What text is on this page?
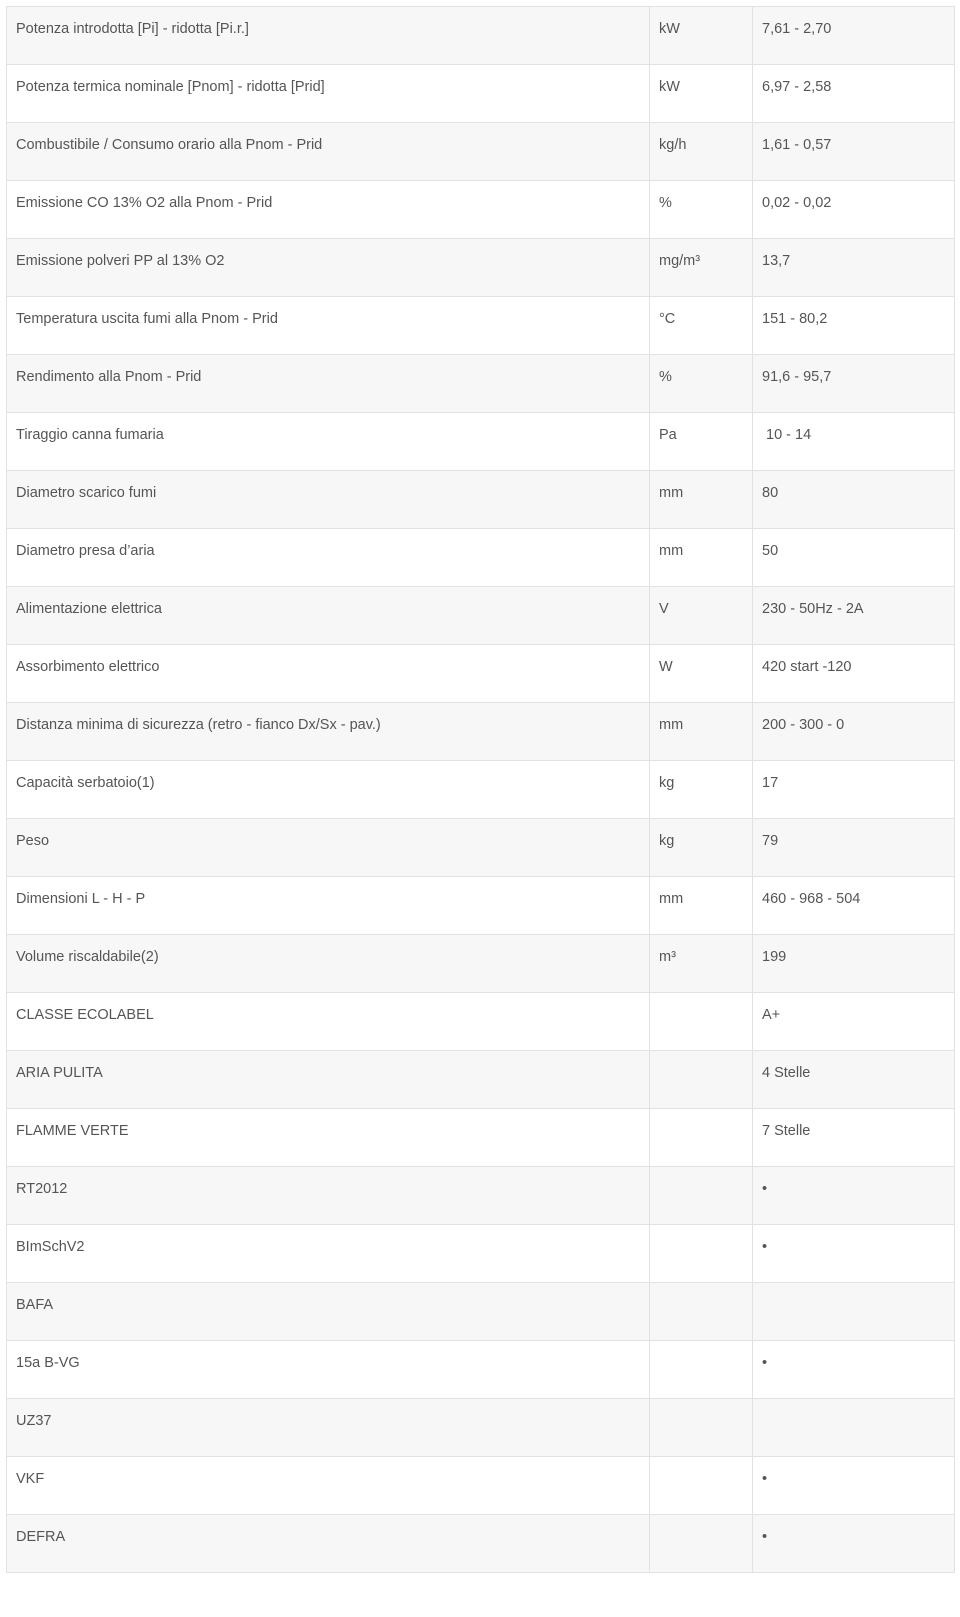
Potenza introdotta [Pi] - ridotta [Pi.r.]	kW	7,61 - 2,70
Potenza termica nominale [Pnom] - ridotta [Prid]	kW	6,97 - 2,58
Combustibile / Consumo orario alla Pnom - Prid	kg/h	1,61 - 0,57
Emissione CO 13% O2 alla Pnom - Prid	%	0,02 - 0,02
Emissione polveri PP al 13% O2	mg/m³	13,7
Temperatura uscita fumi alla Pnom - Prid	°C	151 - 80,2
Rendimento alla Pnom - Prid	%	91,6 - 95,7
Tiraggio canna fumaria	Pa	10 - 14
Diametro scarico fumi	mm	80
Diametro presa d’aria	mm	50
Alimentazione elettrica	V	230 - 50Hz - 2A
Assorbimento elettrico	W	420 start -120
Distanza minima di sicurezza (retro - fianco Dx/Sx - pav.)	mm	200 - 300 - 0
Capacità serbatoio(1)	kg	17
Peso	kg	79
Dimensioni L - H - P	mm	460 - 968 - 504
Volume riscaldabile(2)	m³	199
CLASSE ECOLABEL		A+
ARIA PULITA		4 Stelle
FLAMME VERTE		7 Stelle
RT2012		•
BImSchV2		•
BAFA		
15a B-VG		•
UZ37		
VKF		•
DEFRA		•
